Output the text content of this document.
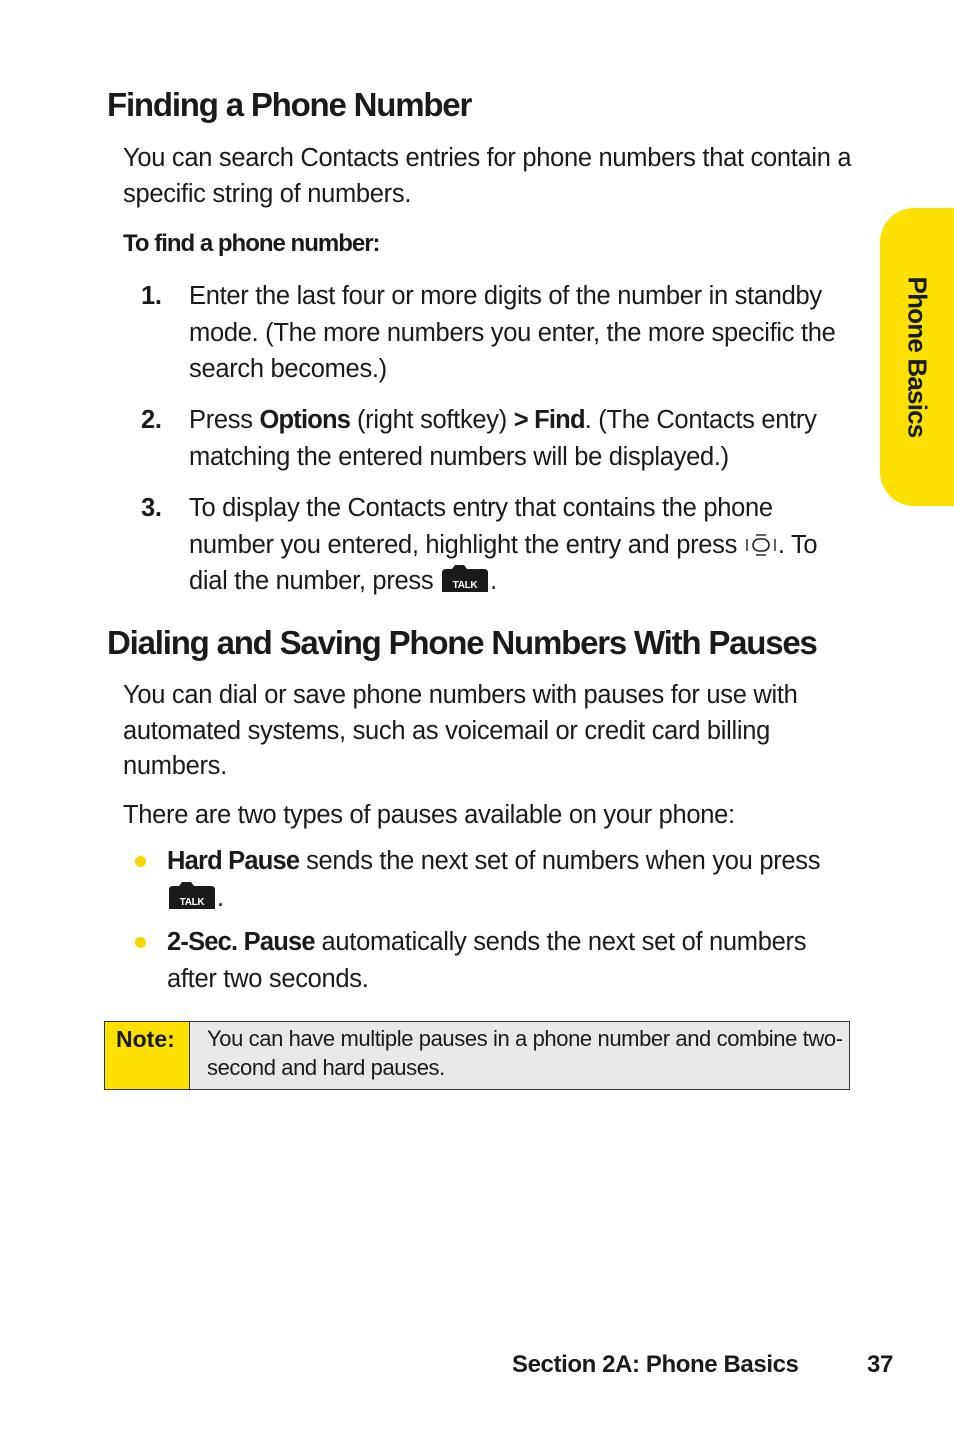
Finding a Phone Number

You can search Contacts entries for phone numbers that contain a specific string of numbers.

To find a phone number:

1. Enter the last four or more digits of the number in standby mode. (The more numbers you enter, the more specific the search becomes.)
2. Press Options (right softkey) > Find. (The Contacts entry matching the entered numbers will be displayed.)
3. To display the Contacts entry that contains the phone number you entered, highlight the entry and press . To dial the number, press TALK .
Dialing and Saving Phone Numbers With Pauses

You can dial or save phone numbers with pauses for use with automated systems, such as voicemail or credit card billing numbers.

There are two types of pauses available on your phone:

Hard Pause sends the next set of numbers when you press
TALK .
2-Sec. Pause automatically sends the next set of numbers after two seconds.
Note:	You can have multiple pauses in a phone number and combine two-second and hard pauses.
Phone Basics
Section 2A: Phone Basics	37
